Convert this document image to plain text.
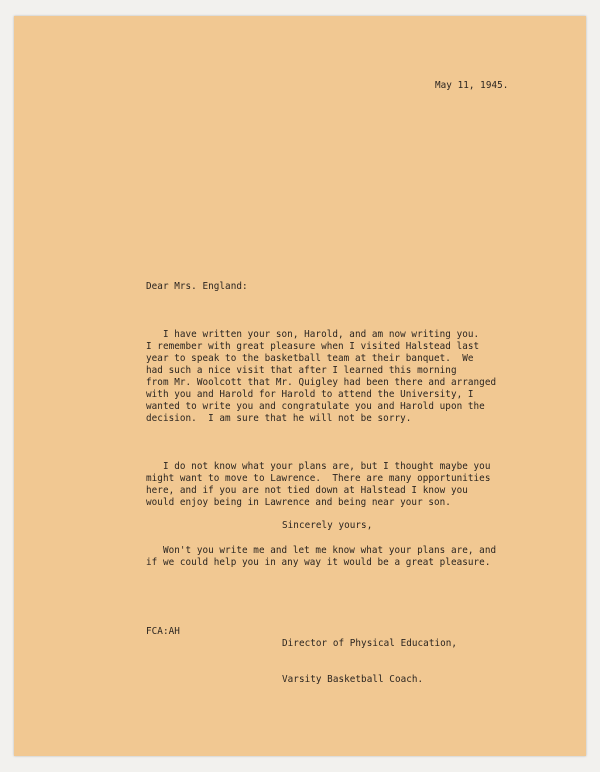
May 11, 1945.
Dear Mrs. England:

I have written your son, Harold, and am now writing you.
I remember with great pleasure when I visited Halstead last
year to speak to the basketball team at their banquet.  We
had such a nice visit that after I learned this morning
from Mr. Woolcott that Mr. Quigley had been there and arranged
with you and Harold for Harold to attend the University, I
wanted to write you and congratulate you and Harold upon the
decision.  I am sure that he will not be sorry.

I do not know what your plans are, but I thought maybe you
might want to move to Lawrence.  There are many opportunities
here, and if you are not tied down at Halstead I know you
would enjoy being in Lawrence and being near your son.

Won't you write me and let me know what your plans are, and
if we could help you in any way it would be a great pleasure.

Sincerely yours,

Director of Physical Education,

Varsity Basketball Coach.

FCA:AH
